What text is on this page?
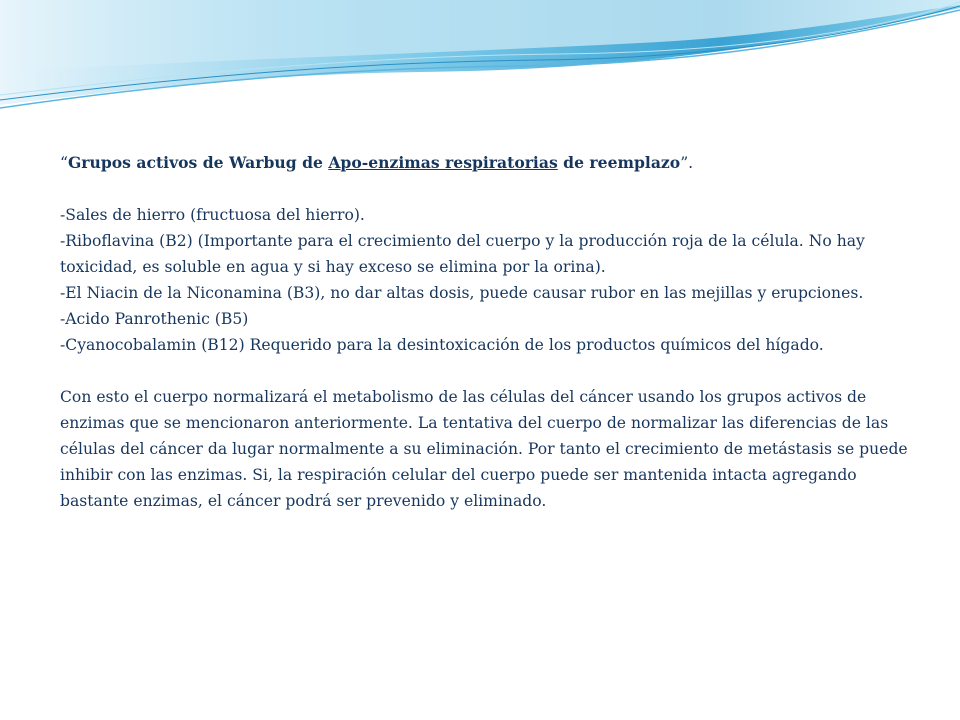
“Grupos activos de Warbug de Apo-enzimas respiratorias de reemplazo”.

-Sales de hierro (fructuosa del hierro).

-Riboflavina (B2) (Importante para el crecimiento del cuerpo y la producción roja de la célula. No hay toxicidad, es soluble en agua y si hay exceso se elimina por la orina).

-El Niacin de la Niconamina (B3), no dar altas dosis, puede causar rubor en las mejillas y erupciones.

-Acido Panrothenic (B5)

-Cyanocobalamin (B12) Requerido para la desintoxicación de los productos químicos del hígado.

Con esto el cuerpo normalizará el metabolismo de las células del cáncer usando los grupos activos de enzimas que se mencionaron anteriormente. La tentativa del cuerpo de normalizar las diferencias de las células del cáncer da lugar normalmente a su eliminación. Por tanto el crecimiento de metástasis se puede inhibir con las enzimas. Si, la respiración celular del cuerpo puede ser mantenida intacta agregando bastante enzimas, el cáncer podrá ser prevenido y eliminado.
